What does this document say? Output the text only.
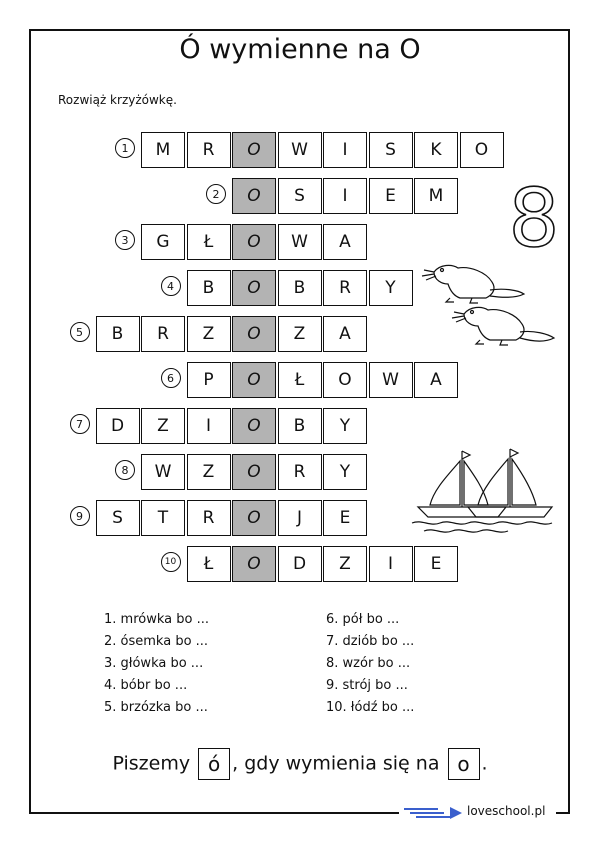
Ó wymienne na O
Rozwiąż krzyżówkę.
1	M	R	O	W	I	S	K	O
2	O	S	I	E	M
3	G	Ł	O	W	A
4	B	O	B	R	Y
5	B	R	Z	O	Z	A
6	P	O	Ł	O	W	A
7	D	Z	I	O	B	Y
8	W	Z	O	R	Y
9	S	T	R	O	J	E
10	Ł	O	D	Z	I	E
8
1. mrówka bo ...
2. ósemka bo ...
3. główka bo ...
4. bóbr bo ...
5. brzózka bo ...
6. pół bo ...
7. dziób bo ...
8. wzór bo ...
9. strój bo ...
10. łódź bo ...
Piszemy ó , gdy wymienia się na o .
loveschool.pl
